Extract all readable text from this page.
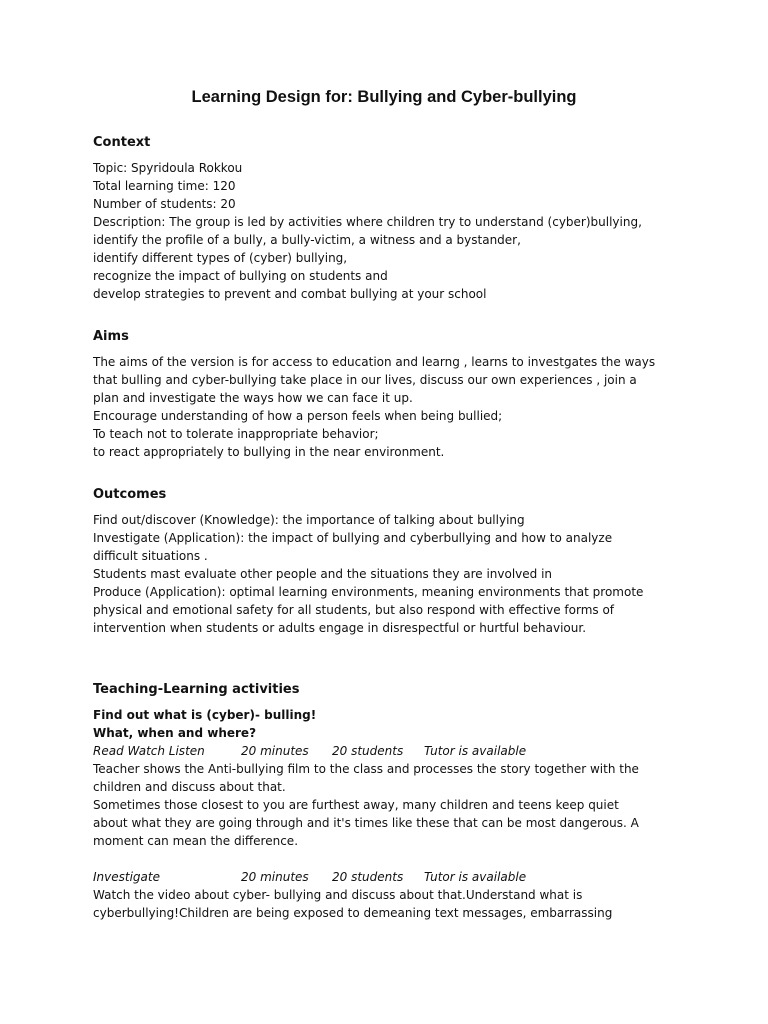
Learning Design for: Bullying and Cyber-bullying
Context
Topic: Spyridoula Rokkou
Total learning time: 120
Number of students: 20
Description: The group is led by activities where children try to understand (cyber)bullying,
identify the profile of a bully, a bully-victim, a witness and a bystander,
identify different types of (cyber) bullying,
recognize the impact of bullying on students and
develop strategies to prevent and combat bullying at your school
Aims
The aims of the version is for access to education and learng , learns to investgates the ways
that bulling and cyber-bullying take place in our lives, discuss our own experiences , join a
plan and investigate the ways how we can face it up.
Encourage understanding of how a person feels when being bullied;
To teach not to tolerate inappropriate behavior;
to react appropriately to bullying in the near environment.
Outcomes
Find out/discover (Knowledge): the importance of talking about bullying
Investigate (Application): the impact of bullying and cyberbullying and how to analyze
difficult situations .
Students mast evaluate other people and the situations they are involved in
Produce (Application): optimal learning environments, meaning environments that promote
physical and emotional safety for all students, but also respond with effective forms of
intervention when students or adults engage in disrespectful or hurtful behaviour.
Teaching-Learning activities
Find out what is (cyber)- bulling!
What, when and where?
Read Watch Listen	20 minutes 20 students Tutor is available
Teacher shows the Anti-bullying film to the class and processes the story together with the
children and discuss about that.
Sometimes those closest to you are furthest away, many children and teens keep quiet
about what they are going through and it's times like these that can be most dangerous. A
moment can mean the difference.
Investigate	20 minutes 20 students Tutor is available
Watch the video about cyber- bullying and discuss about that.Understand what is
cyberbullying!Children are being exposed to demeaning text messages, embarrassing
